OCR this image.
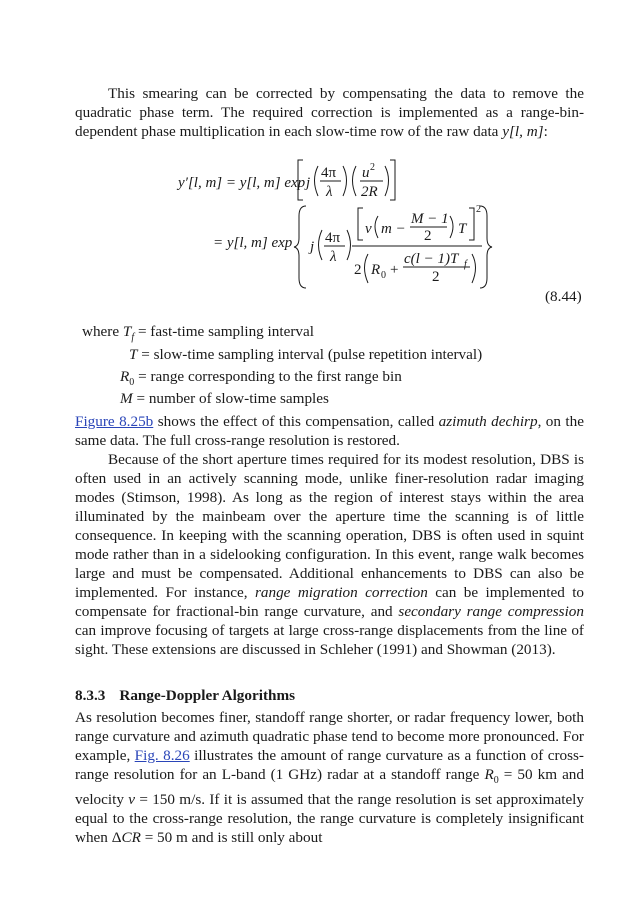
This smearing can be corrected by compensating the data to remove the quadratic phase term. The required correction is implemented as a range-bin-dependent phase multiplication in each slow-time row of the raw data y[l, m]:

y′[l, m] = y[l, m] exp j
4π
λ
u 2
2R
= y[l, m] exp j
4π
λ
2
v m −
M − 1
2 T
2 R 0 +
c(l − 1)T f
2
(8.44)
where $T_f$ = fast-time sampling interval
T = slow-time sampling interval (pulse repetition interval)
$R_0$ = range corresponding to the first range bin
M = number of slow-time samples

Figure 8.25b shows the effect of this compensation, called azimuth dechirp, on the same data. The full cross-range resolution is restored.

Because of the short aperture times required for its modest resolution, DBS is often used in an actively scanning mode, unlike finer-resolution radar imaging modes (Stimson, 1998). As long as the region of interest stays within the area illuminated by the mainbeam over the aperture time the scanning is of little consequence. In keeping with the scanning operation, DBS is often used in squint mode rather than in a sidelooking configuration. In this event, range walk becomes large and must be compensated. Additional enhancements to DBS can also be implemented. For instance, range migration correction can be implemented to compensate for fractional-bin range curvature, and secondary range compression can improve focusing of targets at large cross-range displacements from the line of sight. These extensions are discussed in Schleher (1991) and Showman (2013).

8.3.3 Range-Doppler Algorithms

As resolution becomes finer, standoff range shorter, or radar frequency lower, both range curvature and azimuth quadratic phase tend to become more pronounced. For example, Fig. 8.26 illustrates the amount of range curvature as a function of cross-range resolution for an L-band (1 GHz) radar at a standoff range $R_0 = 50$ km and velocity v = 150 m/s. If it is assumed that the range resolution is set approximately equal to the cross-range resolution, the range curvature is completely insignificant when ΔCR = 50 m and is still only about
